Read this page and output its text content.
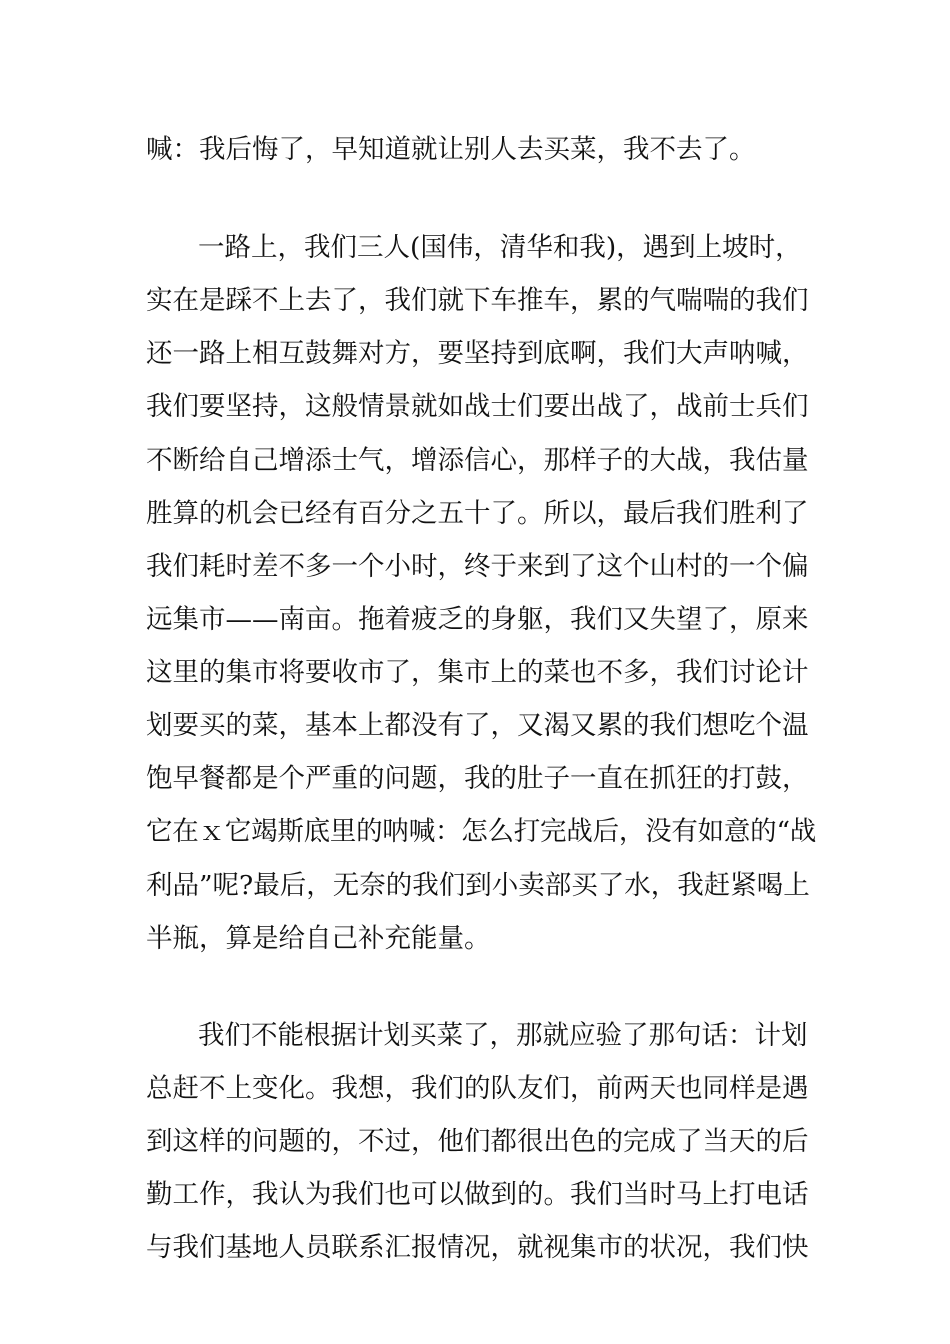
喊：我后悔了，早知道就让别人去买菜，我不去了。
一路上，我们三人(国伟，清华和我)，遇到上坡时，
实在是踩不上去了，我们就下车推车，累的气喘喘的我们
还一路上相互鼓舞对方，要坚持到底啊，我们大声呐喊，
我们要坚持，这般情景就如战士们要出战了，战前士兵们
不断给自己增添士气，增添信心，那样子的大战，我估量
胜算的机会已经有百分之五十了。所以，最后我们胜利了
我们耗时差不多一个小时，终于来到了这个山村的一个偏
远集市——南亩。拖着疲乏的身躯，我们又失望了，原来
这里的集市将要收市了，集市上的菜也不多，我们讨论计
划要买的菜，基本上都没有了，又渴又累的我们想吃个温
饱早餐都是个严重的问题，我的肚子一直在抓狂的打鼓，
它在ｘ它竭斯底里的呐喊：怎么打完战后，没有如意的“战
利品”呢?最后，无奈的我们到小卖部买了水，我赶紧喝上
半瓶，算是给自己补充能量。
我们不能根据计划买菜了，那就应验了那句话：计划
总赶不上变化。我想，我们的队友们，前两天也同样是遇
到这样的问题的，不过，他们都很出色的完成了当天的后
勤工作，我认为我们也可以做到的。我们当时马上打电话
与我们基地人员联系汇报情况，就视集市的状况，我们快
